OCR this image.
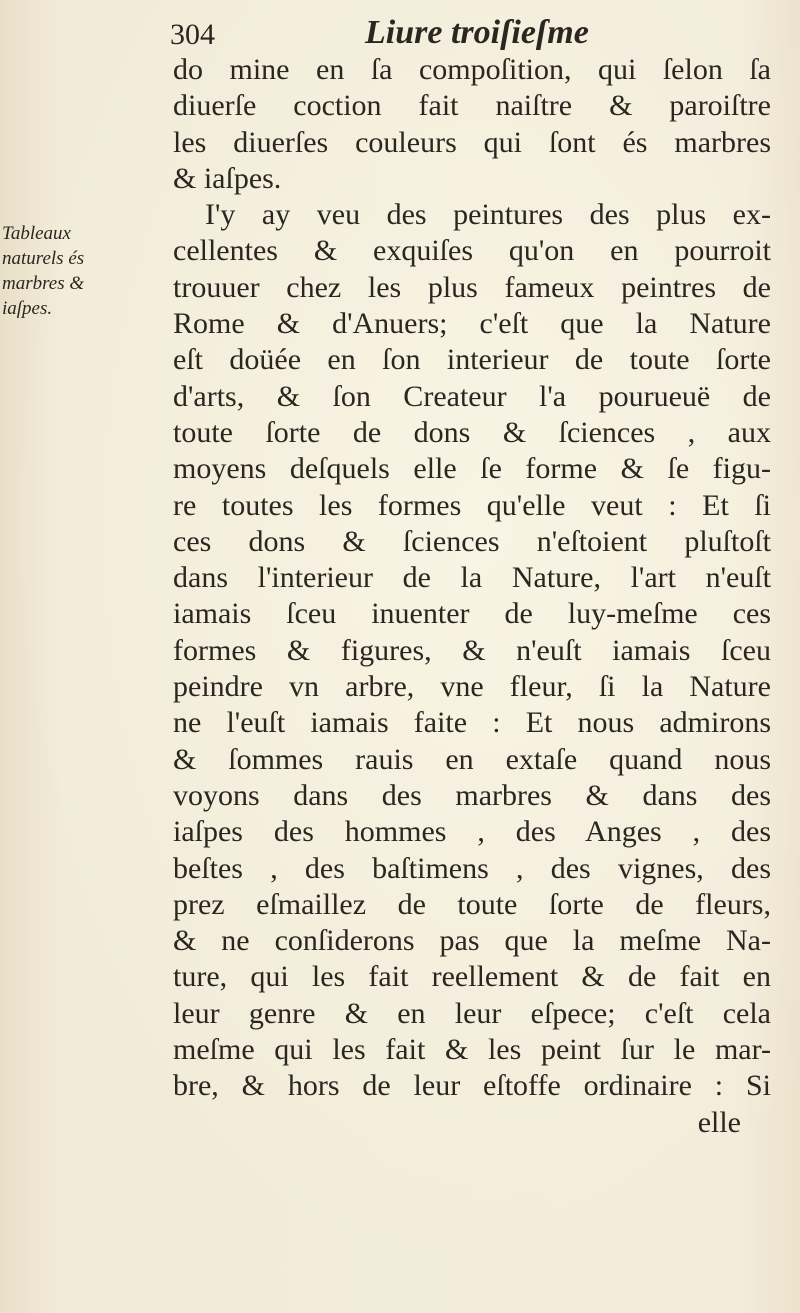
304	Liure troiſieſme
Tableaux
naturels és
marbres &
iaſpes.
do mine en ſa compoſition, qui ſelon ſa
diuerſe coction fait naiſtre & paroiſtre
les diuerſes couleurs qui ſont és marbres
& iaſpes.
I'y ay veu des peintures des plus ex-
cellentes & exquiſes qu'on en pourroit
trouuer chez les plus fameux peintres de
Rome & d'Anuers; c'eſt que la Nature
eſt doüée en ſon interieur de toute ſorte
d'arts, & ſon Createur l'a pourueuë de
toute ſorte de dons & ſciences , aux
moyens deſquels elle ſe forme & ſe figu-
re toutes les formes qu'elle veut : Et ſi
ces dons & ſciences n'eſtoient pluſtoſt
dans l'interieur de la Nature, l'art n'euſt
iamais ſceu inuenter de luy-meſme ces
formes & figures, & n'euſt iamais ſceu
peindre vn arbre, vne fleur, ſi la Nature
ne l'euſt iamais faite : Et nous admirons
& ſommes rauis en extaſe quand nous
voyons dans des marbres & dans des
iaſpes des hommes , des Anges , des
beſtes , des baſtimens , des vignes, des
prez eſmaillez de toute ſorte de fleurs,
& ne conſiderons pas que la meſme Na-
ture, qui les fait reellement & de fait en
leur genre & en leur eſpece; c'eſt cela
meſme qui les fait & les peint ſur le mar-
bre, & hors de leur eſtoffe ordinaire : Si
elle
